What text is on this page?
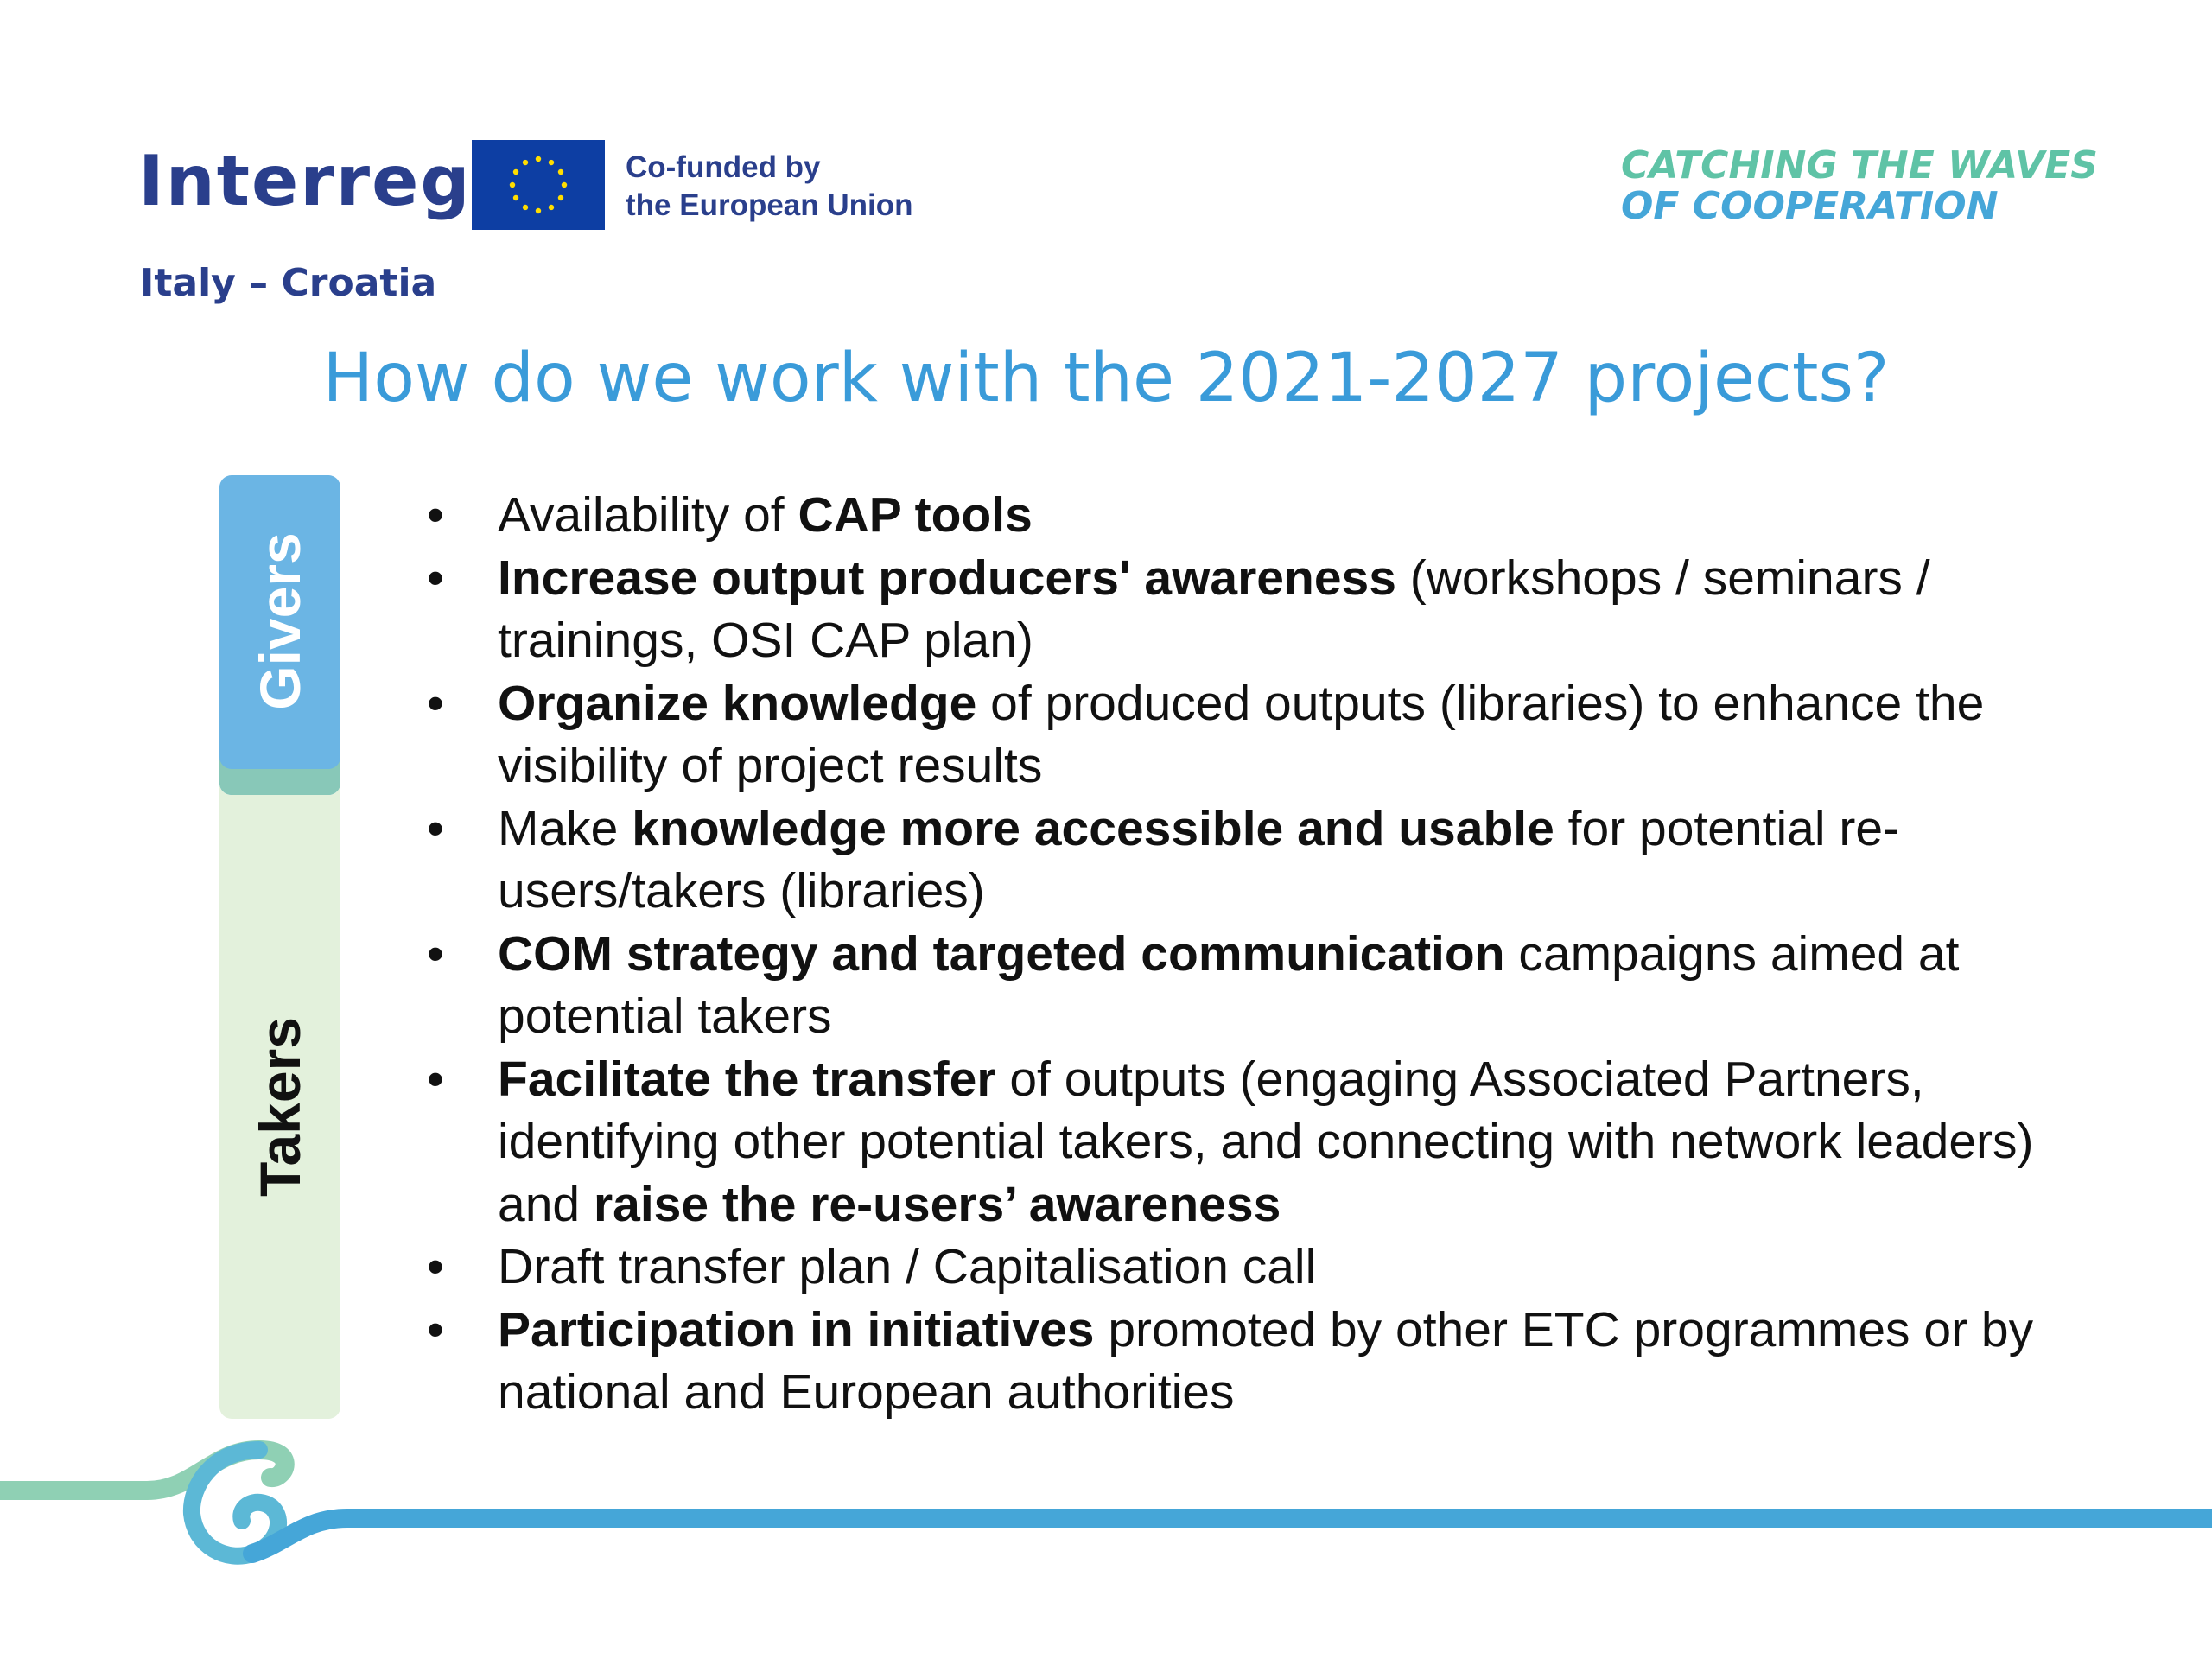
Interreg	Co-funded by
the European Union
Italy – Croatia
CATCHING THE WAVES
OF COOPERATION
How do we work with the 2021-2027 projects?
Takers
Givers
• Availability of CAP tools
• Increase output producers' awareness (workshops / seminars / trainings, OSI CAP plan)
• Organize knowledge of produced outputs (libraries) to enhance the visibility of project results
• Make knowledge more accessible and usable for potential re-users/takers (libraries)
• COM strategy and targeted communication campaigns aimed at potential takers
• Facilitate the transfer of outputs (engaging Associated Partners, identifying other potential takers, and connecting with network leaders) and raise the re-users’ awareness
• Draft transfer plan / Capitalisation call
• Participation in initiatives promoted by other ETC programmes or by national and European authorities
